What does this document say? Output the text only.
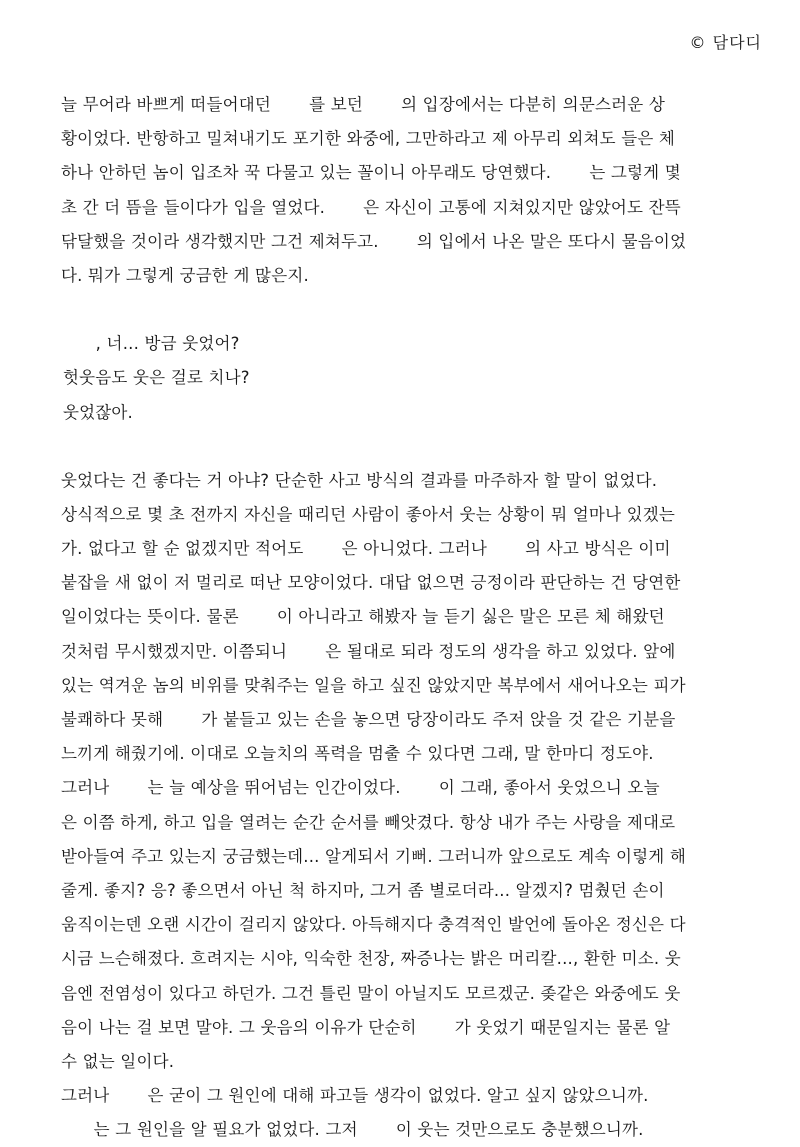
© 담다디
늘 무어라 바쁘게 떠들어대던       를 보던       의 입장에서는 다분히 의문스러운 상
황이었다. 반항하고 밀쳐내기도 포기한 와중에, 그만하라고 제 아무리 외쳐도 들은 체
하나 안하던 놈이 입조차 꾹 다물고 있는 꼴이니 아무래도 당연했다.       는 그렇게 몇
초 간 더 뜸을 들이다가 입을 열었다.       은 자신이 고통에 지쳐있지만 않았어도 잔뜩
닦달했을 것이라 생각했지만 그건 제쳐두고.       의 입에서 나온 말은 또다시 물음이었
다. 뭐가 그렇게 궁금한 게 많은지.
, 너... 방금 웃었어?
헛웃음도 웃은 걸로 치나?
웃었잖아.
웃었다는 건 좋다는 거 아냐? 단순한 사고 방식의 결과를 마주하자 할 말이 없었다.
상식적으로 몇 초 전까지 자신을 때리던 사람이 좋아서 웃는 상황이 뭐 얼마나 있겠는
가. 없다고 할 순 없겠지만 적어도       은 아니었다. 그러나       의 사고 방식은 이미
붙잡을 새 없이 저 멀리로 떠난 모양이었다. 대답 없으면 긍정이라 판단하는 건 당연한
일이었다는 뜻이다. 물론       이 아니라고 해봤자 늘 듣기 싫은 말은 모른 체 해왔던
것처럼 무시했겠지만. 이쯤되니       은 될대로 되라 정도의 생각을 하고 있었다. 앞에
있는 역겨운 놈의 비위를 맞춰주는 일을 하고 싶진 않았지만 복부에서 새어나오는 피가
불쾌하다 못해       가 붙들고 있는 손을 놓으면 당장이라도 주저 앉을 것 같은 기분을
느끼게 해줬기에. 이대로 오늘치의 폭력을 멈출 수 있다면 그래, 말 한마디 정도야.
그러나       는 늘 예상을 뛰어넘는 인간이었다.       이 그래, 좋아서 웃었으니 오늘
은 이쯤 하게, 하고 입을 열려는 순간 순서를 빼앗겼다. 항상 내가 주는 사랑을 제대로
받아들여 주고 있는지 궁금했는데... 알게되서 기뻐. 그러니까 앞으로도 계속 이렇게 해
줄게. 좋지? 응? 좋으면서 아닌 척 하지마, 그거 좀 별로더라... 알겠지? 멈췄던 손이
움직이는덴 오랜 시간이 걸리지 않았다. 아득해지다 충격적인 발언에 돌아온 정신은 다
시금 느슨해졌다. 흐려지는 시야, 익숙한 천장, 짜증나는 밝은 머리칼..., 환한 미소. 웃
음엔 전염성이 있다고 하던가. 그건 틀린 말이 아닐지도 모르겠군. 좆같은 와중에도 웃
음이 나는 걸 보면 말야. 그 웃음의 이유가 단순히       가 웃었기 때문일지는 물론 알
수 없는 일이다.
그러나       은 굳이 그 원인에 대해 파고들 생각이 없었다. 알고 싶지 않았으니까.
는 그 원인을 알 필요가 없었다. 그저       이 웃는 것만으로도 충분했으니까.
